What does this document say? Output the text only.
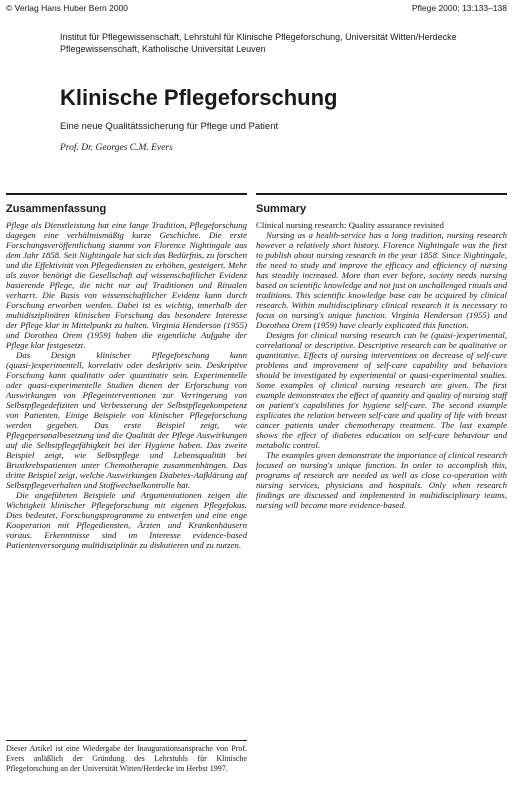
© Verlag Hans Huber Bern 2000	Pflege 2000; 13:133–138
Institut für Pflegewissenschaft, Lehrstuhl für Klinische Pflegeforschung, Universität Witten/Herdecke Pflegewissenschaft, Katholische Universität Leuven
Klinische Pflegeforschung
Eine neue Qualitätssicherung für Pflege und Patient
Prof. Dr. Georges C.M. Evers
Zusammenfassung	Summary

Pflege als Dienstleistung hat eine lange Tradition, Pflegeforschung dagegen eine verhältnismäßig kurze Geschichte. Die erste Forschungsveröffentlichung stammt von Florence Nightingale aus dem Jahr 1858. Seit Nightingale hat sich das Bedürfnis, zu forschen und die Effektivität von Pflegediensten zu erhöhen, gesteigert. Mehr als zuvor benötigt die Gesellschaft auf wissenschaftlicher Evidenz basierende Pflege, die nicht nur auf Traditionen und Ritualen verharrt. Die Basis von wissenschaftlicher Evidenz kann durch Forschung erworben werden. Dabei ist es wichtig, innerhalb der multidisziplinären klinischen Forschung das besondere Interesse der Pflege klar in Mittelpunkt zu halten. Virginia Henderson (1955) und Dorothea Orem (1959) haben die eigentliche Aufgabe der Pflege klar festgesetzt.

Das Design klinischer Pflegeforschung kann (quasi-)experimentell, korrelativ oder deskriptiv sein. Deskriptive Forschung kann qualitativ oder quantitativ sein. Experimentelle oder quasi-experimentelle Studien dienen der Erforschung von Auswirkungen von Pflegeinterventionen zur Verringerung von Selbstpflegedefiziten und Verbesserung der Selbstpflegekompetenz von Patienten. Einige Beispiele von klinischer Pflegeforschung werden gegeben. Das erste Beispiel zeigt, wie Pflegepersonalbesetzung und die Qualität der Pflege Auswirkungen auf die Selbstpflegefähigkeit bei der Hygiene haben. Das zweite Beispiel zeigt, wie Selbstpflege und Lebensqualität bei Brustkrebspatienten unter Chemotherapie zusammenhängen. Das dritte Beispiel zeigt, welche Auswirkungen Diabetes-Aufklärung auf Selbstpflegeverhalten und Stoffwechselkontrolle hat.

Die angeführten Beispiele und Argumentationen zeigen die Wichtigkeit klinischer Pflegeforschung mit eigenen Pflegefokus. Dies bedeutet, Forschungsprogramme zu entwerfen und eine enge Kooperation mit Pflegediensten, Ärzten und Krankenhäusern voraus. Erkenntnisse sind im Interesse evidence-based Patientenversorgung multidisziplinär zu diskutieren und zu nutzen.

Clinical nursing research: Quality assurance revisited

Nursing as a health-service has a long tradition, nursing research however a relatively short history. Florence Nightingale was the first to publish about nursing research in the year 1858. Since Nightingale, the need to study and improve the efficacy and efficiency of nursing has steadily increased. More than ever before, society needs nursing based on scientific knowledge and not just on unchallenged rituals and traditions. This scientific knowledge base can be acquired by clinical research. Within multidisciplinary clinical research it is necessary to focus on nursing's unique function. Virginia Henderson (1955) and Dorothea Orem (1959) have clearly explicated this function.

Designs for clinical nursing research can be (quasi-)experimental, correlational or descriptive. Descriptive research can be qualitative or quantitative. Effects of nursing interventions on decrease of self-care problems and improvement of self-care capability and behaviors should be investigated by experimental or quasi-experimental studies. Some examples of clinical nursing research are given. The first example demonstrates the effect of quantity and quality of nursing staff on patient's capabilities for hygiene self-care. The second example explicates the relation between self-care and quality of life with breast cancer patients under chemotherapy treatment. The last example shows the effect of diabetes education on self-care behaviour and metabolic control.

The examples given demonstrate the importance of clinical research focused on nursing's unique function. In order to accomplish this, programs of research are needed as well as close co-operation with nursing services, physicians and hospitals. Only when research findings are discussed and implemented in multidisciplinary teams, nursing will become more evidence-based.

Dieser Artikel ist eine Wiedergabe der Inaugurationsansprache von Prof. Evers anläßlich der Gründung des Lehrstuhls für Klinische Pflegeforschung an der Universität Witten/Herdecke im Herbst 1997.
